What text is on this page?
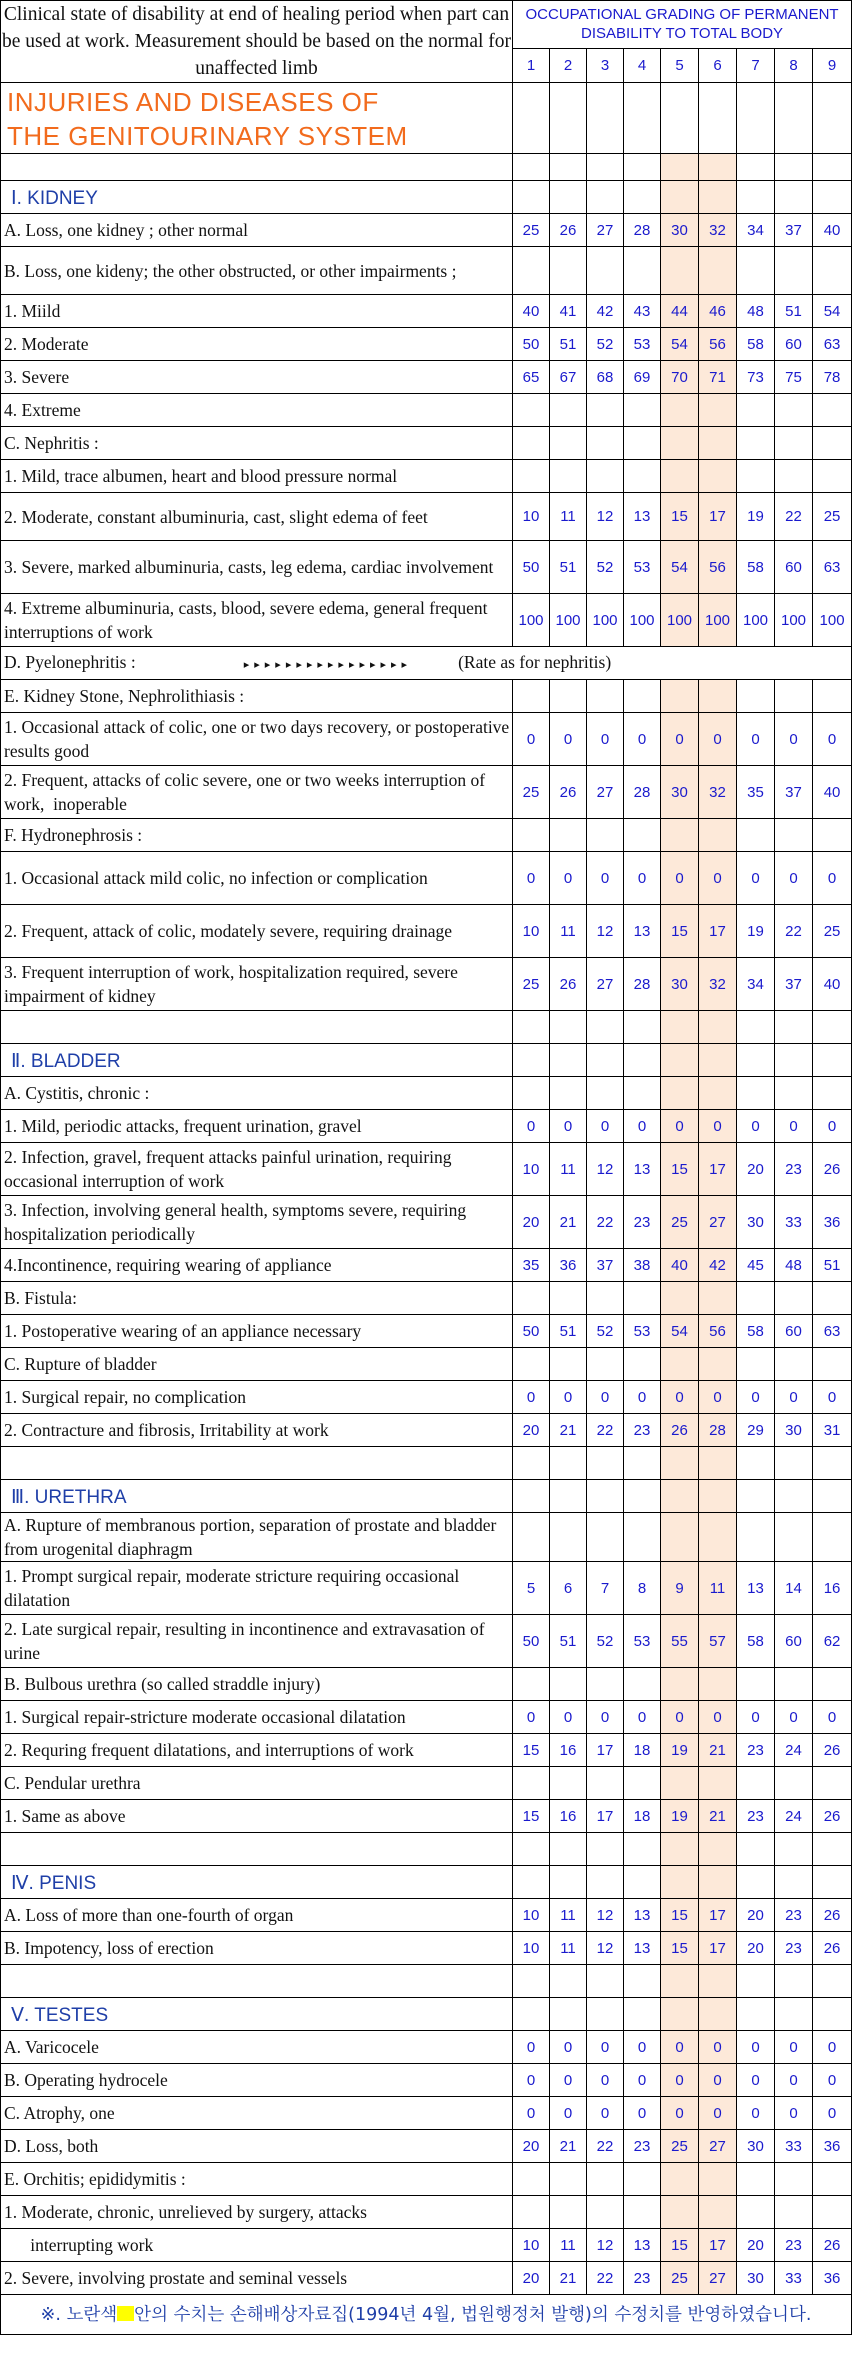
Clinical state of disability at end of healing period when part can be used at work. Measurement should be based on the normal for unaffected limb	OCCUPATIONAL GRADING OF PERMANENT DISABILITY TO TOTAL BODY								
	1	2	3	4	5	6	7	8	9
INJURIES AND DISEASES OF
THE GENITOURINARY SYSTEM									

Ⅰ. KIDNEY									
A. Loss, one kidney ; other normal	25	26	27	28	30	32	34	37	40
B. Loss, one kideny; the other obstructed, or other impairments ;									
1. Miild	40	41	42	43	44	46	48	51	54
2. Moderate	50	51	52	53	54	56	58	60	63
3. Severe	65	67	68	69	70	71	73	75	78
4. Extreme									
C. Nephritis :									
1. Mild, trace albumen, heart and blood pressure normal									
2. Moderate, constant albuminuria, cast, slight edema of feet	10	11	12	13	15	17	19	22	25
3. Severe, marked albuminuria, casts, leg edema, cardiac involvement	50	51	52	53	54	56	58	60	63
4. Extreme albuminuria, casts, blood, severe edema, general frequent interruptions of work	100	100	100	100	100	100	100	100	100
D. Pyelonephritis : ▸▸▸▸▸▸▸▸▸▸▸▸▸▸▸▸ (Rate as for nephritis)									
E. Kidney Stone, Nephrolithiasis :									
1. Occasional attack of colic, one or two days recovery, or postoperative results good	0	0	0	0	0	0	0	0	0
2. Frequent, attacks of colic severe, one or two weeks interruption of work,  inoperable	25	26	27	28	30	32	35	37	40
F. Hydronephrosis :									
1. Occasional attack mild colic, no infection or complication	0	0	0	0	0	0	0	0	0
2. Frequent, attack of colic, modately severe, requiring drainage	10	11	12	13	15	17	19	22	25
3. Frequent interruption of work, hospitalization required, severe impairment of kidney	25	26	27	28	30	32	34	37	40

Ⅱ. BLADDER									
A. Cystitis, chronic :									
1. Mild, periodic attacks, frequent urination, gravel	0	0	0	0	0	0	0	0	0
2. Infection, gravel, frequent attacks painful urination, requiring occasional interruption of work	10	11	12	13	15	17	20	23	26
3. Infection, involving general health, symptoms severe, requiring hospitalization periodically	20	21	22	23	25	27	30	33	36
4.Incontinence, requiring wearing of appliance	35	36	37	38	40	42	45	48	51
B. Fistula:									
1. Postoperative wearing of an appliance necessary	50	51	52	53	54	56	58	60	63
C. Rupture of bladder									
1. Surgical repair, no complication	0	0	0	0	0	0	0	0	0
2. Contracture and fibrosis, Irritability at work	20	21	22	23	26	28	29	30	31

Ⅲ. URETHRA									
A. Rupture of membranous portion, separation of prostate and bladder from urogenital diaphragm									
1. Prompt surgical repair, moderate stricture requiring occasional dilatation	5	6	7	8	9	11	13	14	16
2. Late surgical repair, resulting in incontinence and extravasation of urine	50	51	52	53	55	57	58	60	62
B. Bulbous urethra (so called straddle injury)									
1. Surgical repair-stricture moderate occasional dilatation	0	0	0	0	0	0	0	0	0
2. Requring frequent dilatations, and interruptions of work	15	16	17	18	19	21	23	24	26
C. Pendular urethra									
1. Same as above	15	16	17	18	19	21	23	24	26

Ⅳ. PENIS									
A. Loss of more than one-fourth of organ	10	11	12	13	15	17	20	23	26
B. Impotency, loss of erection	10	11	12	13	15	17	20	23	26

Ⅴ. TESTES									
A. Varicocele	0	0	0	0	0	0	0	0	0
B. Operating hydrocele	0	0	0	0	0	0	0	0	0
C. Atrophy, one	0	0	0	0	0	0	0	0	0
D. Loss, both	20	21	22	23	25	27	30	33	36
E. Orchitis; epididymitis :									
1. Moderate, chronic, unrelieved by surgery, attacks									
interrupting work	10	11	12	13	15	17	20	23	26
2. Severe, involving prostate and seminal vessels	20	21	22	23	25	27	30	33	36
※. 노란색 안의 수치는 손해배상자료집(1994년 4월, 법원행정처 발행)의 수정치를 반영하였습니다.									
